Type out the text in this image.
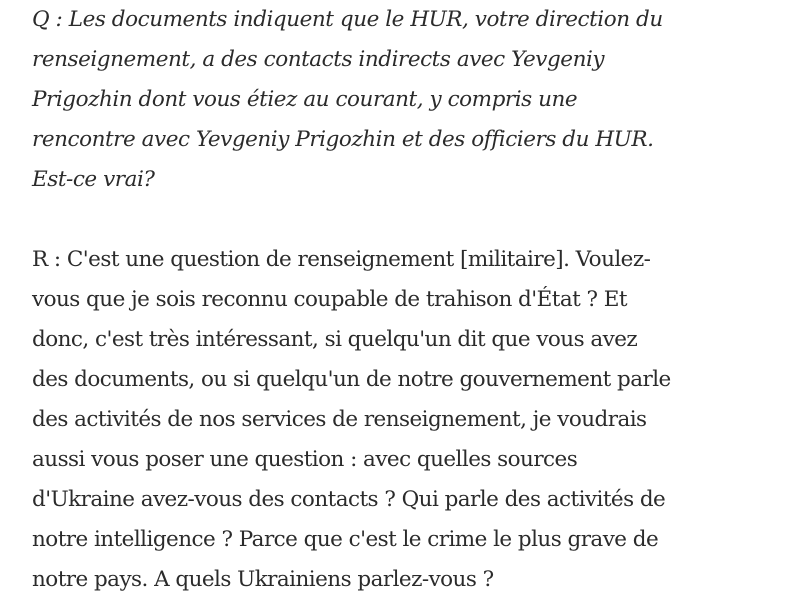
Q : Les documents indiquent que le HUR, votre direction du
renseignement, a des contacts indirects avec Yevgeniy
Prigozhin dont vous étiez au courant, y compris une
rencontre avec Yevgeniy Prigozhin et des officiers du HUR.
Est-ce vrai?

R : C'est une question de renseignement [militaire]. Voulez-
vous que je sois reconnu coupable de trahison d'État ? Et
donc, c'est très intéressant, si quelqu'un dit que vous avez
des documents, ou si quelqu'un de notre gouvernement parle
des activités de nos services de renseignement, je voudrais
aussi vous poser une question : avec quelles sources
d'Ukraine avez-vous des contacts ? Qui parle des activités de
notre intelligence ? Parce que c'est le crime le plus grave de
notre pays. A quels Ukrainiens parlez-vous ?
